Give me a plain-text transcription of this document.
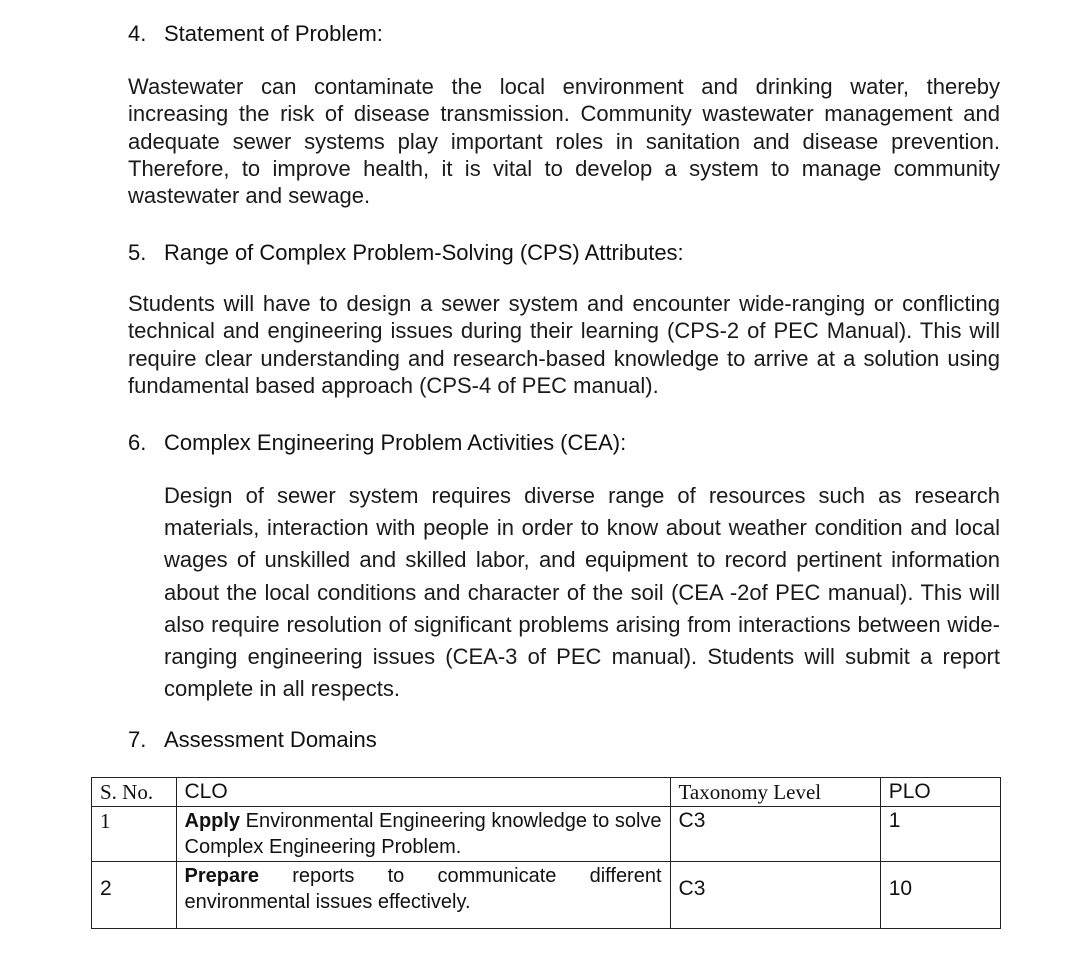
4. Statement of Problem:

Wastewater can contaminate the local environment and drinking water, thereby increasing the risk of disease transmission. Community wastewater management and adequate sewer systems play important roles in sanitation and disease prevention. Therefore, to improve health, it is vital to develop a system to manage community wastewater and sewage.

5. Range of Complex Problem-Solving (CPS) Attributes:

Students will have to design a sewer system and encounter wide-ranging or conflicting technical and engineering issues during their learning (CPS-2 of PEC Manual). This will require clear understanding and research-based knowledge to arrive at a solution using fundamental based approach (CPS-4 of PEC manual).

6. Complex Engineering Problem Activities (CEA):

Design of sewer system requires diverse range of resources such as research materials, interaction with people in order to know about weather condition and local wages of unskilled and skilled labor, and equipment to record pertinent information about the local conditions and character of the soil (CEA -2of PEC manual). This will also require resolution of significant problems arising from interactions between wide-ranging engineering issues (CEA-3 of PEC manual). Students will submit a report complete in all respects.

7. Assessment Domains
S. No.	CLO	Taxonomy Level	PLO
1	Apply Environmental Engineering knowledge to solve Complex Engineering Problem.	C3	1
2	Prepare reports to communicate different environmental issues effectively.	C3	10
